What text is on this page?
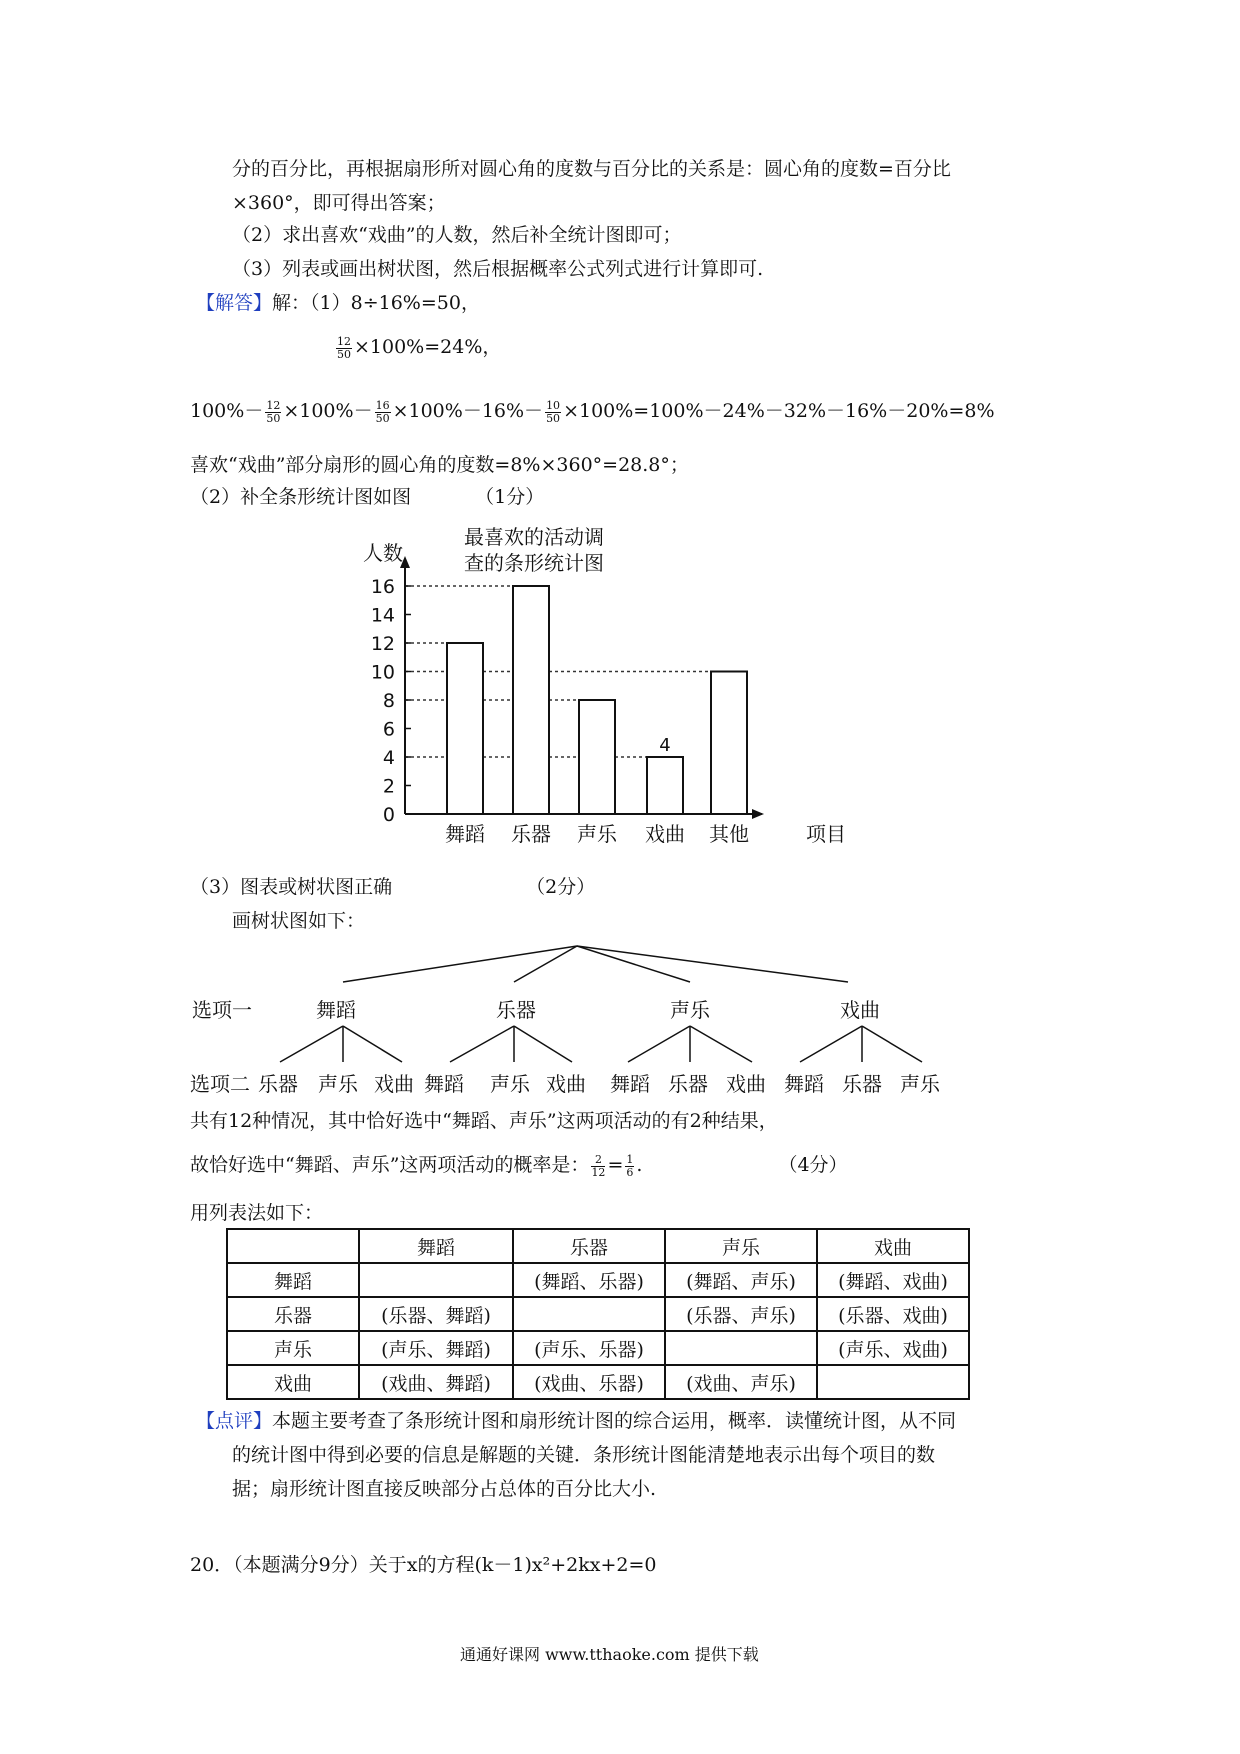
分的百分比，再根据扇形所对圆心角的度数与百分比的关系是：圆心角的度数=百分比
×360°，即可得出答案；
（2）求出喜欢“戏曲”的人数，然后补全统计图即可；
（3）列表或画出树状图，然后根据概率公式列式进行计算即可.
【解答】解：（1）8÷16%=50，
$\frac{12}{50} \times 100\%=24\%$，
$100\%- \frac{12}{50} \times 100\%- \frac{16}{50} \times 100\%-16\%- \frac{10}{50} \times 100\%=100\%-24\%-32\%-16\%-20\%=8\%$
喜欢“戏曲”部分扇形的圆心角的度数=8%×360°=28.8°；
（2）补全条形统计图如图	（1分）
最喜欢的活动调
查的条形统计图
人数
项目
0
2
4
6
8
10
12
14
16
舞蹈 乐器 声乐 戏曲 其他
4
（3）图表或树状图正确	（2分）
画树状图如下：
选项一	舞蹈	乐器	声乐	戏曲
选项二 乐器 声乐 戏曲 舞蹈 声乐 戏曲 舞蹈 乐器 戏曲 舞蹈 乐器 声乐
共有12种情况，其中恰好选中“舞蹈、声乐”这两项活动的有2种结果，
故恰好选中“舞蹈、声乐”这两项活动的概率是： $\frac{2}{12} = \frac{1}{6}$ .	（4分）
用列表法如下：
	舞蹈	乐器	声乐	戏曲
舞蹈		(舞蹈、乐器)	(舞蹈、声乐)	(舞蹈、戏曲)
乐器	(乐器、舞蹈)		(乐器、声乐)	(乐器、戏曲)
声乐	(声乐、舞蹈)	(声乐、乐器)		(声乐、戏曲)
戏曲	(戏曲、舞蹈)	(戏曲、乐器)	(戏曲、声乐)	
【点评】本题主要考查了条形统计图和扇形统计图的综合运用，概率．读懂统计图，从不同
的统计图中得到必要的信息是解题的关键．条形统计图能清楚地表示出每个项目的数
据；扇形统计图直接反映部分占总体的百分比大小.
20．（本题满分9分）关于x的方程(k－1)x²+2kx+2=0
通通好课网 www.tthaoke.com 提供下载
